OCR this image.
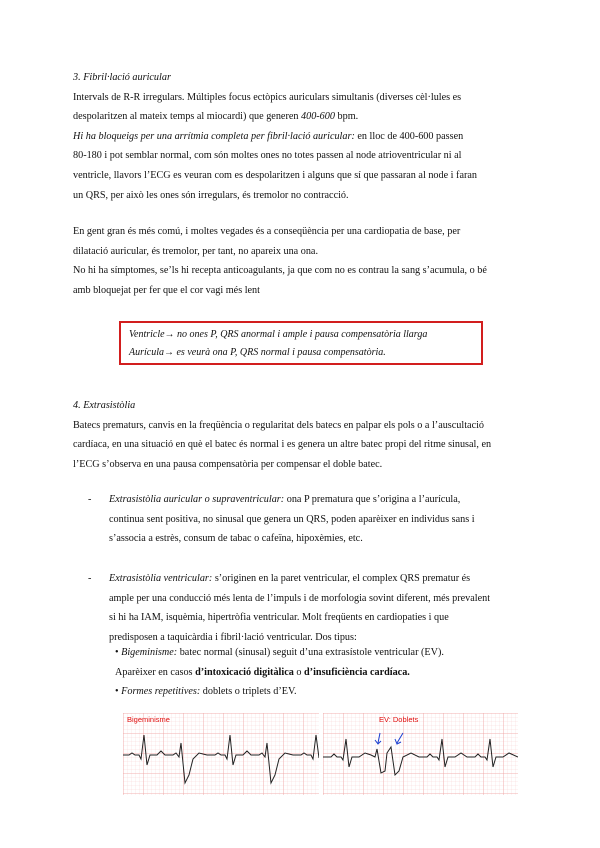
3. Fibril·lació auricular

Intervals de R-R irregulars. Múltiples focus ectòpics auriculars simultanis (diverses cèl·lules es

despolaritzen al mateix temps al miocardi) que generen 400-600 bpm.

Hi ha bloqueigs per una arrítmia completa per fibril·lació auricular: en lloc de 400-600 passen

80-180 i pot semblar normal, com són moltes ones no totes passen al node atrioventricular ni al

ventricle, llavors l’ECG es veuran com es despolaritzen i alguns que sí que passaran al node i faran

un QRS, per això les ones són irregulars, és tremolor no contracció.

En gent gran és més comú, i moltes vegades és a conseqüència per una cardiopatia de base, per

dilatació auricular, és tremolor, per tant, no apareix una ona.

No hi ha símptomes, se’ls hi recepta anticoagulants, ja que com no es contrau la sang s’acumula, o bé

amb bloquejat per fer que el cor vagi més lent

Ventricle→ no ones P, QRS anormal i ample i pausa compensatòria llarga
Aurícula→ es veurà ona P, QRS normal i pausa compensatòria.

4. Extrasistòlia

Batecs prematurs, canvis en la freqüència o regularitat dels batecs en palpar els pols o a l’auscultació

cardíaca, en una situació en què el batec és normal i es genera un altre batec propi del ritme sinusal, en

l’ECG s’observa en una pausa compensatòria per compensar el doble batec.

- Extrasistòlia auricular o supraventricular: ona P prematura que s’origina a l’aurícula,

continua sent positiva, no sinusal que genera un QRS, poden aparèixer en individus sans i

s’associa a estrès, consum de tabac o cafeïna, hipoxèmies, etc.

- Extrasistòlia ventricular: s’originen en la paret ventricular, el complex QRS prematur és

ample per una conducció més lenta de l’impuls i de morfologia sovint diferent, més prevalent

si hi ha IAM, isquèmia, hipertròfia ventricular. Molt freqüents en cardiopaties i que

predisposen a taquicàrdia i fibril·lació ventricular. Dos tipus:

• Bigeminisme: batec normal (sinusal) seguit d’una extrasístole ventricular (EV).

Aparèixer en casos d’intoxicació digitàlica o d’insuficiència cardíaca.

• Formes repetitives: doblets o triplets d’EV.

Bigeminisme	EV: Doblets
